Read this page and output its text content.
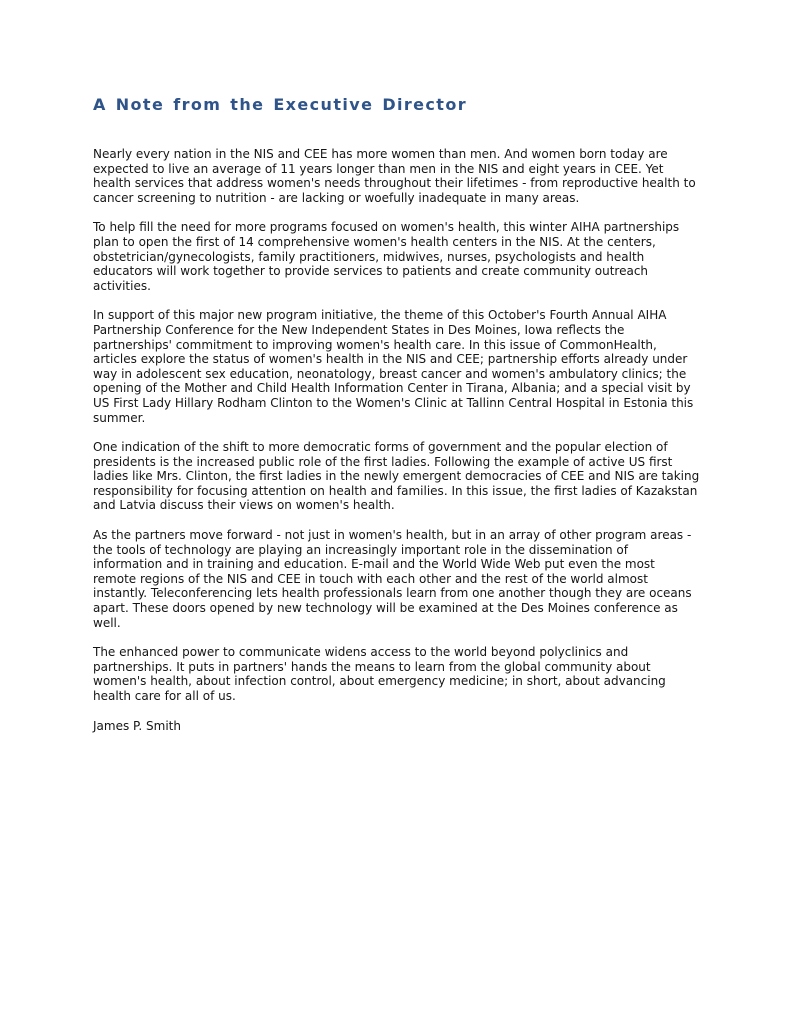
A Note from the Executive Director

Nearly every nation in the NIS and CEE has more women than men. And women born today are expected to live an average of 11 years longer than men in the NIS and eight years in CEE. Yet health services that address women's needs throughout their lifetimes - from reproductive health to cancer screening to nutrition - are lacking or woefully inadequate in many areas.

To help fill the need for more programs focused on women's health, this winter AIHA partnerships plan to open the first of 14 comprehensive women's health centers in the NIS. At the centers, obstetrician/gynecologists, family practitioners, midwives, nurses, psychologists and health educators will work together to provide services to patients and create community outreach activities.

In support of this major new program initiative, the theme of this October's Fourth Annual AIHA Partnership Conference for the New Independent States in Des Moines, Iowa reflects the partnerships' commitment to improving women's health care. In this issue of CommonHealth, articles explore the status of women's health in the NIS and CEE; partnership efforts already under way in adolescent sex education, neonatology, breast cancer and women's ambulatory clinics; the opening of the Mother and Child Health Information Center in Tirana, Albania; and a special visit by US First Lady Hillary Rodham Clinton to the Women's Clinic at Tallinn Central Hospital in Estonia this summer.

One indication of the shift to more democratic forms of government and the popular election of presidents is the increased public role of the first ladies. Following the example of active US first ladies like Mrs. Clinton, the first ladies in the newly emergent democracies of CEE and NIS are taking responsibility for focusing attention on health and families. In this issue, the first ladies of Kazakstan and Latvia discuss their views on women's health.

As the partners move forward - not just in women's health, but in an array of other program areas - the tools of technology are playing an increasingly important role in the dissemination of information and in training and education. E-mail and the World Wide Web put even the most remote regions of the NIS and CEE in touch with each other and the rest of the world almost instantly. Teleconferencing lets health professionals learn from one another though they are oceans apart. These doors opened by new technology will be examined at the Des Moines conference as well.

The enhanced power to communicate widens access to the world beyond polyclinics and partnerships. It puts in partners' hands the means to learn from the global community about women's health, about infection control, about emergency medicine; in short, about advancing health care for all of us.

James P. Smith
